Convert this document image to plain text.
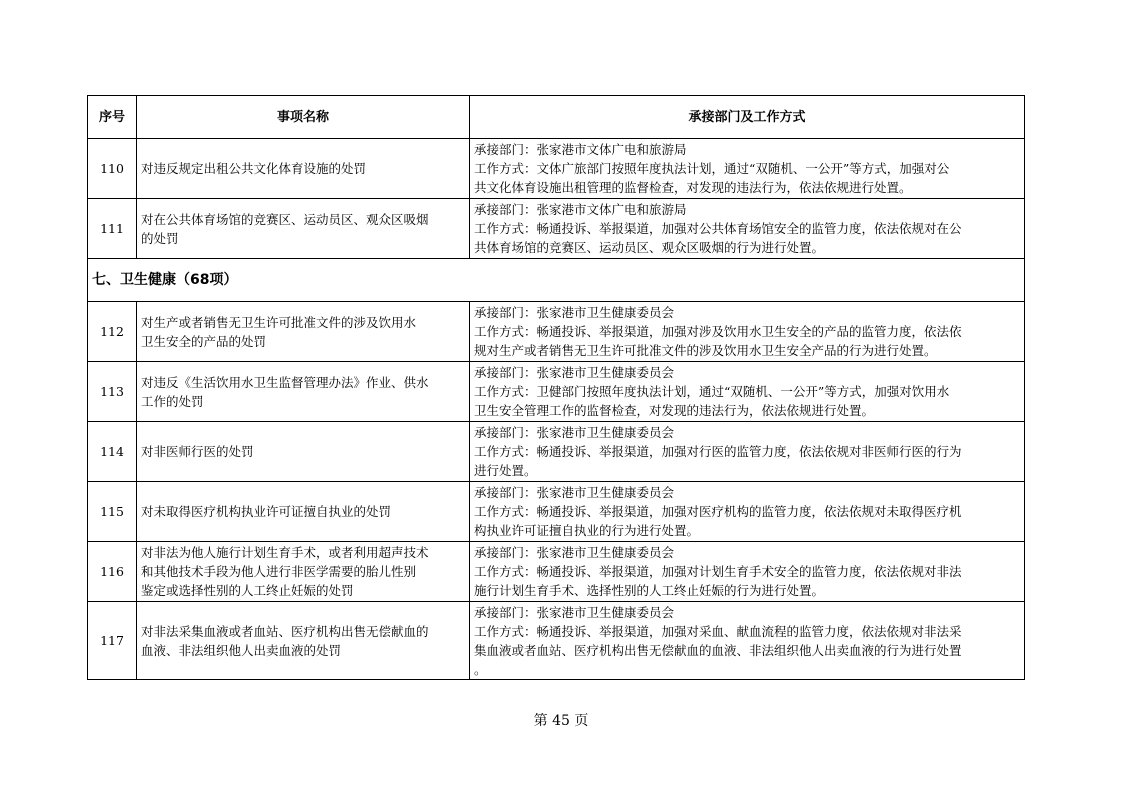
序号	事项名称	承接部门及工作方式
110	对违反规定出租公共文化体育设施的处罚	承接部门：张家港市文体广电和旅游局
工作方式：文体广旅部门按照年度执法计划，通过“双随机、一公开”等方式，加强对公
共文化体育设施出租管理的监督检查，对发现的违法行为，依法依规进行处置。

111	对在公共体育场馆的竞赛区、运动员区、观众区吸烟
的处罚	承接部门：张家港市文体广电和旅游局
工作方式：畅通投诉、举报渠道，加强对公共体育场馆安全的监管力度，依法依规对在公
共体育场馆的竞赛区、运动员区、观众区吸烟的行为进行处置。

七、卫生健康（68项）		
112	对生产或者销售无卫生许可批准文件的涉及饮用水
卫生安全的产品的处罚	承接部门：张家港市卫生健康委员会
工作方式：畅通投诉、举报渠道，加强对涉及饮用水卫生安全的产品的监管力度，依法依
规对生产或者销售无卫生许可批准文件的涉及饮用水卫生安全产品的行为进行处置。

113	对违反《生活饮用水卫生监督管理办法》作业、供水
工作的处罚	承接部门：张家港市卫生健康委员会
工作方式：卫健部门按照年度执法计划，通过“双随机、一公开”等方式，加强对饮用水
卫生安全管理工作的监督检查，对发现的违法行为，依法依规进行处置。

114	对非医师行医的处罚	承接部门：张家港市卫生健康委员会
工作方式：畅通投诉、举报渠道，加强对行医的监管力度，依法依规对非医师行医的行为
进行处置。

115	对未取得医疗机构执业许可证擅自执业的处罚	承接部门：张家港市卫生健康委员会
工作方式：畅通投诉、举报渠道，加强对医疗机构的监管力度，依法依规对未取得医疗机
构执业许可证擅自执业的行为进行处置。

116	对非法为他人施行计划生育手术，或者利用超声技术
和其他技术手段为他人进行非医学需要的胎儿性别
鉴定或选择性别的人工终止妊娠的处罚	承接部门：张家港市卫生健康委员会
工作方式：畅通投诉、举报渠道，加强对计划生育手术安全的监管力度，依法依规对非法
施行计划生育手术、选择性别的人工终止妊娠的行为进行处置。

117	对非法采集血液或者血站、医疗机构出售无偿献血的
血液、非法组织他人出卖血液的处罚	承接部门：张家港市卫生健康委员会
工作方式：畅通投诉、举报渠道，加强对采血、献血流程的监管力度，依法依规对非法采
集血液或者血站、医疗机构出售无偿献血的血液、非法组织他人出卖血液的行为进行处置
。
第 45 页
